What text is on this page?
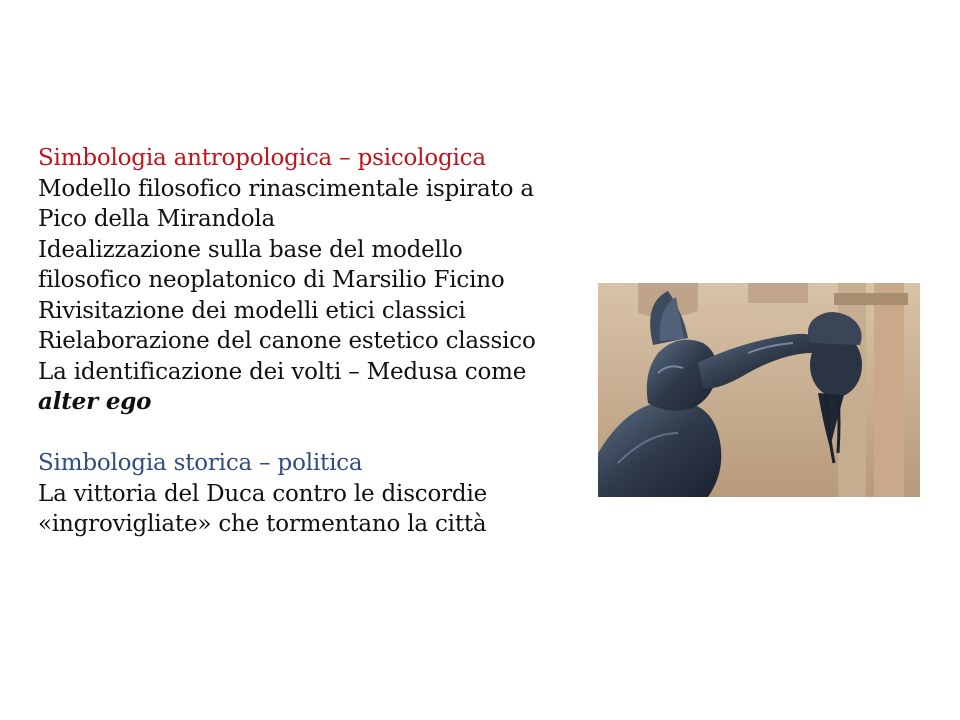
Simbologia antropologica – psicologica
Modello filosofico rinascimentale ispirato a
Pico della Mirandola
Idealizzazione sulla base del modello
filosofico neoplatonico di Marsilio Ficino
Rivisitazione dei modelli etici classici
Rielaborazione del canone estetico classico
La identificazione dei volti – Medusa come
alter ego
Simbologia storica – politica
La vittoria del Duca contro le discordie
«ingrovigliate» che tormentano la città
